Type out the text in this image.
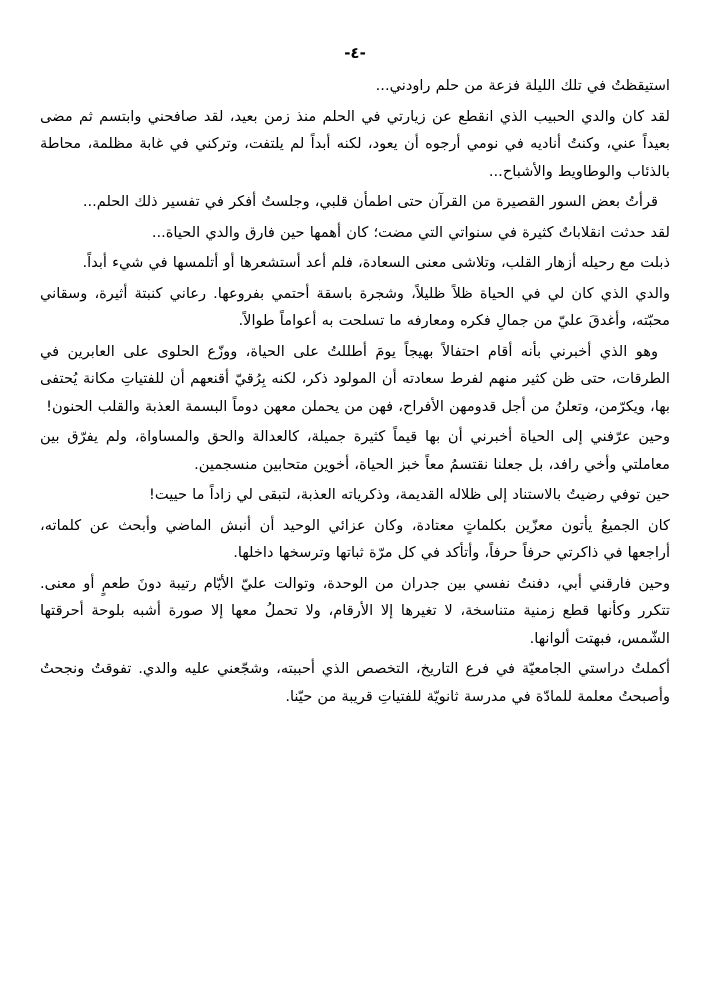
-٤-

استيقظتُ في تلك الليلة فزعة من حلم راودني...

لقد كان والدي الحبيب الذي انقطع عن زيارتي في الحلم منذ زمن بعيد، لقد صافحني وابتسم ثم مضى بعيداً عني، وكنتُ أناديه في نومي أرجوه أن يعود، لكنه أبداً لم يلتفت، وتركني في غابة مظلمة، محاطة بالذئاب والوطاويط والأشباح...

قرأتُ بعض السور القصيرة من القرآن حتى اطمأن قلبي، وجلستُ أفكر في تفسير ذلك الحلم...

لقد حدثت انقلاباتٌ كثيرة في سنواتي التي مضت؛ كان أهمها حين فارق والدي الحياة...

ذبلت مع رحيله أزهار القلب، وتلاشى معنى السعادة، فلم أعد أستشعرها أو أتلمسها في شيء أبداً.

والدي الذي كان لي في الحياة ظلاً ظليلاً، وشجرة باسقة أحتمي بفروعها. رعاني كنبتة أثيرة، وسقاني محبّته، وأغدقَ عليّ من جمالِ فكره ومعارفه ما تسلحت به أعواماً طوالاً.

وهو الذي أخبرني بأنه أقام احتفالاً بهيجاً يومَ أطللتُ على الحياة، ووزّع الحلوى على العابرين في الطرقات، حتى ظن كثير منهم لفرط سعادته أن المولود ذكر، لكنه بِرُقيّ أقنعهم أن للفتياتِ مكانة يُحتفى بها، ويكرّمن، وتعلنُ من أجل قدومهن الأفراح، فهن من يحملن معهن دوماً البسمة العذبة والقلب الحنون!

وحين عرّفني إلى الحياة أخبرني أن بها قيماً كثيرة جميلة، كالعدالة والحق والمساواة، ولم يفرّق بين معاملتي وأخي رافد، بل جعلنا نقتسمُ معاً خبز الحياة، أخوين متحابين منسجمين.

حين توفي رضيتُ بالاستناد إلى ظلاله القديمة، وذكرياته العذبة، لتبقى لي زاداً ما حييت!

كان الجميعُ يأتون معزّين بكلماتٍ معتادة، وكان عزائي الوحيد أن أنبش الماضي وأبحث عن كلماته، أراجعها في ذاكرتي حرفاً حرفاً، وأتأكد في كل مرّة ثباتها وترسخها داخلها.

وحين فارقني أبي، دفنتُ نفسي بين جدران من الوحدة، وتوالت عليّ الأيّام رتيبة دونَ طعمٍ أو معنى. تتكرر وكأنها قطع زمنية متناسخة، لا تغيرها إلا الأرقام، ولا تحملُ معها إلا صورة أشبه بلوحة أحرقتها الشّمس، فبهتت ألوانها.

أكملتُ دراستي الجامعيّة في فرع التاريخ، التخصص الذي أحببته، وشجّعني عليه والدي. تفوقتُ ونجحتُ وأصبحتُ معلمة للمادّة في مدرسة ثانويّة للفتياتِ قريبة من حيّنا.
